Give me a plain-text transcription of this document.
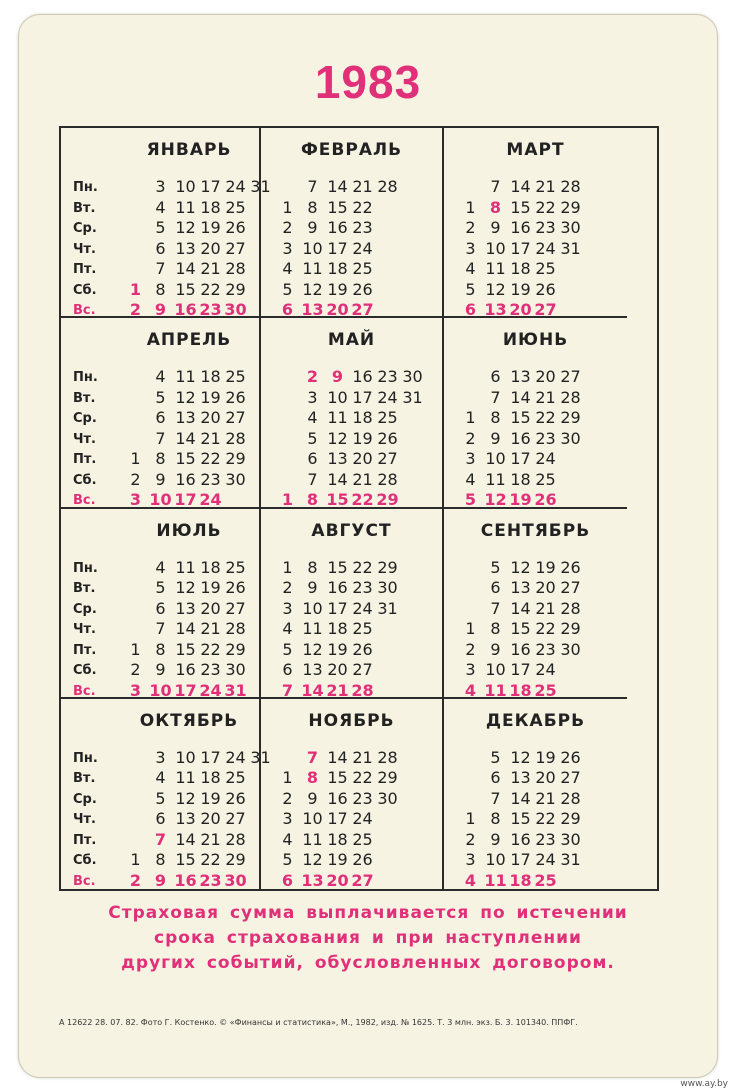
1983
ЯНВАРЬ
Пн.
Вт.
Ср.
Чт.
Пт.
Сб.
Вс.
1
2
3
4
5
6
7
8
9
10
11
12
13
14
15
16
17
18
19
20
21
22
23
24
25
26
27
28
29
30
31
ФЕВРАЛЬ
1
2
3
4
5
6
7
8
9
10
11
12
13
14
15
16
17
18
19
20
21
22
23
24
25
26
27
28
МАРТ
1
2
3
4
5
6
7
8
9
10
11
12
13
14
15
16
17
18
19
20
21
22
23
24
25
26
27
28
29
30
31
АПРЕЛЬ
Пн.
Вт.
Ср.
Чт.
Пт.
Сб.
Вс.
1
2
3
4
5
6
7
8
9
10
11
12
13
14
15
16
17
18
19
20
21
22
23
24
25
26
27
28
29
30
МАЙ
1
2
3
4
5
6
7
8
9
10
11
12
13
14
15
16
17
18
19
20
21
22
23
24
25
26
27
28
29
30
31
ИЮНЬ
1
2
3
4
5
6
7
8
9
10
11
12
13
14
15
16
17
18
19
20
21
22
23
24
25
26
27
28
29
30
ИЮЛЬ
Пн.
Вт.
Ср.
Чт.
Пт.
Сб.
Вс.
1
2
3
4
5
6
7
8
9
10
11
12
13
14
15
16
17
18
19
20
21
22
23
24
25
26
27
28
29
30
31
АВГУСТ
1
2
3
4
5
6
7
8
9
10
11
12
13
14
15
16
17
18
19
20
21
22
23
24
25
26
27
28
29
30
31
СЕНТЯБРЬ
1
2
3
4
5
6
7
8
9
10
11
12
13
14
15
16
17
18
19
20
21
22
23
24
25
26
27
28
29
30
ОКТЯБРЬ
Пн.
Вт.
Ср.
Чт.
Пт.
Сб.
Вс.
1
2
3
4
5
6
7
8
9
10
11
12
13
14
15
16
17
18
19
20
21
22
23
24
25
26
27
28
29
30
31
НОЯБРЬ
1
2
3
4
5
6
7
8
9
10
11
12
13
14
15
16
17
18
19
20
21
22
23
24
25
26
27
28
29
30
ДЕКАБРЬ
1
2
3
4
5
6
7
8
9
10
11
12
13
14
15
16
17
18
19
20
21
22
23
24
25
26
27
28
29
30
31
Страховая сумма выплачивается по истечении
срока страхования и при наступлении
других событий, обусловленных договором.
А 12622 28. 07. 82. Фото Г. Костенко. © «Финансы и статистика», М., 1982, изд. № 1625. Т. 3 млн. экз. Б. 3. 101340. ППФГ.
www.ay.by
